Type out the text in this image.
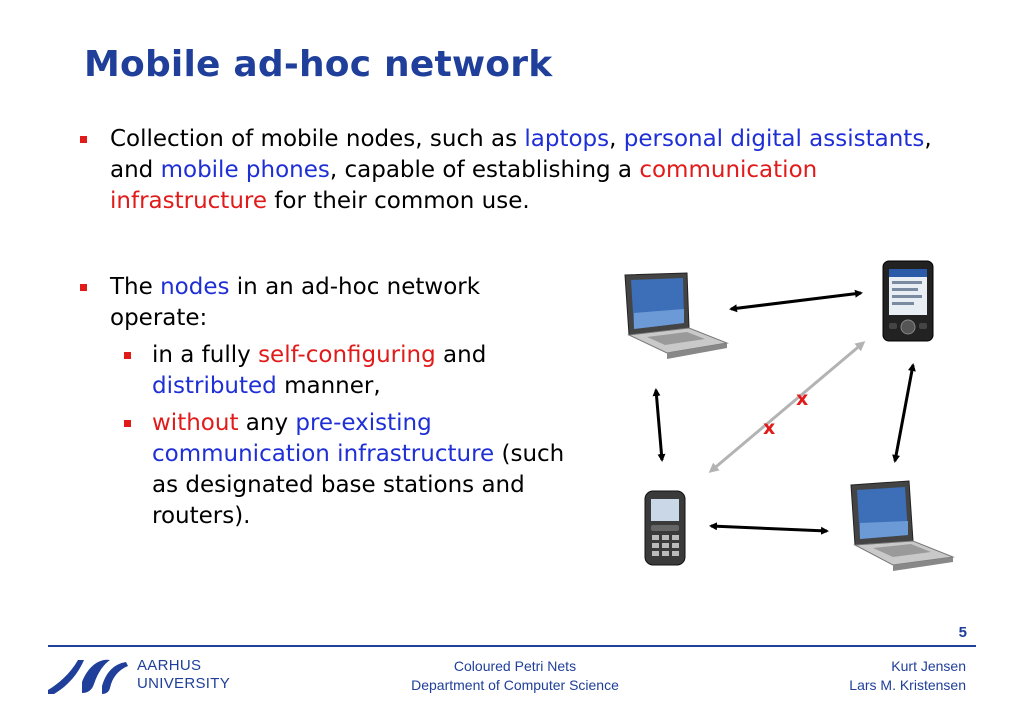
Mobile ad-hoc network
Collection of mobile nodes, such as laptops, personal digital assistants, and mobile phones, capable of establishing a communication infrastructure for their common use.
The nodes in an ad-hoc network operate:
in a fully self-configuring and distributed manner,
without any pre-existing communication infrastructure (such as designated base stations and routers).
x
x
5
AARHUS
UNIVERSITY
Coloured Petri Nets
Department of Computer Science
Kurt Jensen
Lars M. Kristensen
